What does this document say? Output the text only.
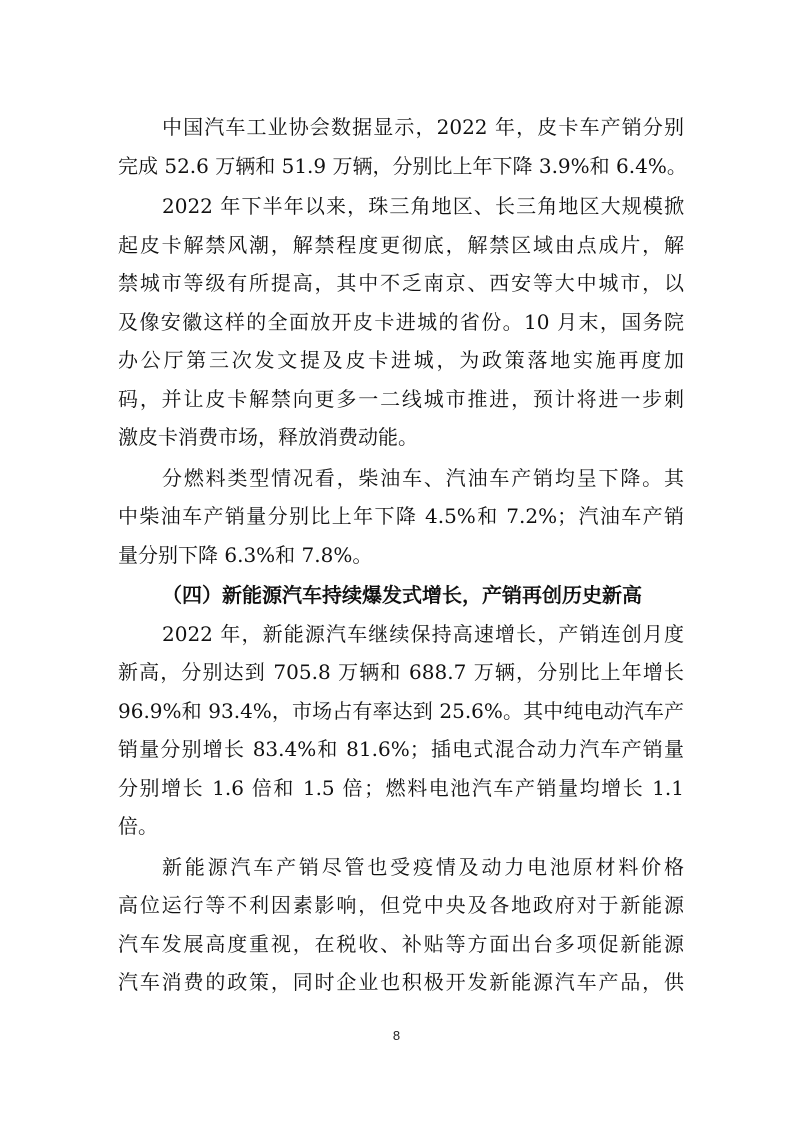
中国汽车工业协会数据显示，2022 年，皮卡车产销分别
完成 52.6 万辆和 51.9 万辆，分别比上年下降 3.9%和 6.4%。
2022 年下半年以来，珠三角地区、长三角地区大规模掀
起皮卡解禁风潮，解禁程度更彻底，解禁区域由点成片，解
禁城市等级有所提高，其中不乏南京、西安等大中城市，以
及像安徽这样的全面放开皮卡进城的省份。10 月末，国务院
办公厅第三次发文提及皮卡进城，为政策落地实施再度加
码，并让皮卡解禁向更多一二线城市推进，预计将进一步刺
激皮卡消费市场，释放消费动能。
分燃料类型情况看，柴油车、汽油车产销均呈下降。其
中柴油车产销量分别比上年下降 4.5%和 7.2%；汽油车产销
量分别下降 6.3%和 7.8%。
（四）新能源汽车持续爆发式增长，产销再创历史新高
2022 年，新能源汽车继续保持高速增长，产销连创月度
新高，分别达到 705.8 万辆和 688.7 万辆，分别比上年增长
96.9%和 93.4%，市场占有率达到 25.6%。其中纯电动汽车产
销量分别增长 83.4%和 81.6%；插电式混合动力汽车产销量
分别增长 1.6 倍和 1.5 倍；燃料电池汽车产销量均增长 1.1
倍。
新能源汽车产销尽管也受疫情及动力电池原材料价格
高位运行等不利因素影响，但党中央及各地政府对于新能源
汽车发展高度重视，在税收、补贴等方面出台多项促新能源
汽车消费的政策，同时企业也积极开发新能源汽车产品，供
8
